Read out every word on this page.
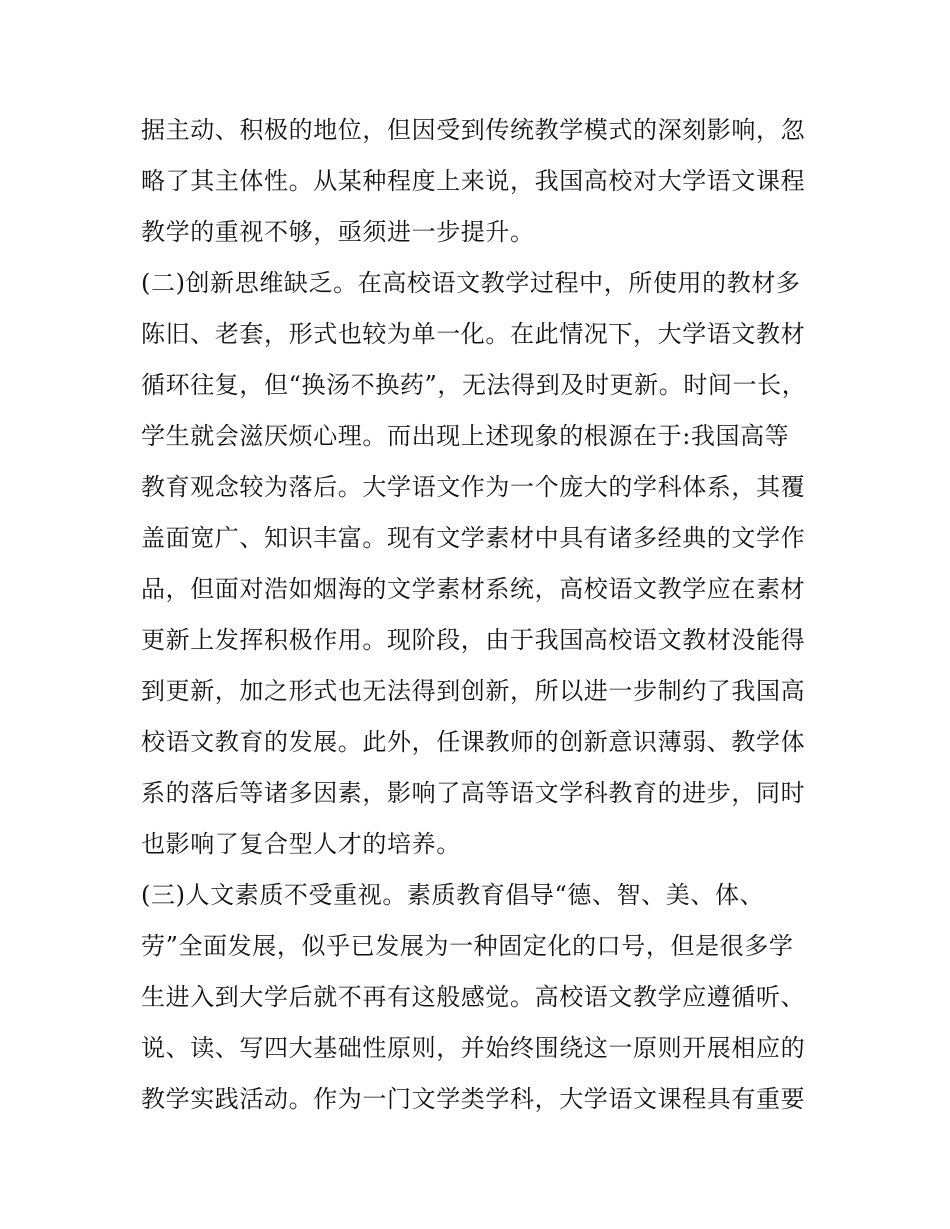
据主动、积极的地位，但因受到传统教学模式的深刻影响，忽
略了其主体性。从某种程度上来说，我国高校对大学语文课程
教学的重视不够，亟须进一步提升。
(二)创新思维缺乏。在高校语文教学过程中，所使用的教材多
陈旧、老套，形式也较为单一化。在此情况下，大学语文教材
循环往复，但“换汤不换药”，无法得到及时更新。时间一长，
学生就会滋厌烦心理。而出现上述现象的根源在于:我国高等
教育观念较为落后。大学语文作为一个庞大的学科体系，其覆
盖面宽广、知识丰富。现有文学素材中具有诸多经典的文学作
品，但面对浩如烟海的文学素材系统，高校语文教学应在素材
更新上发挥积极作用。现阶段，由于我国高校语文教材没能得
到更新，加之形式也无法得到创新，所以进一步制约了我国高
校语文教育的发展。此外，任课教师的创新意识薄弱、教学体
系的落后等诸多因素，影响了高等语文学科教育的进步，同时
也影响了复合型人才的培养。
(三)人文素质不受重视。素质教育倡导“德、智、美、体、
劳”全面发展，似乎已发展为一种固定化的口号，但是很多学
生进入到大学后就不再有这般感觉。高校语文教学应遵循听、
说、读、写四大基础性原则，并始终围绕这一原则开展相应的
教学实践活动。作为一门文学类学科，大学语文课程具有重要
